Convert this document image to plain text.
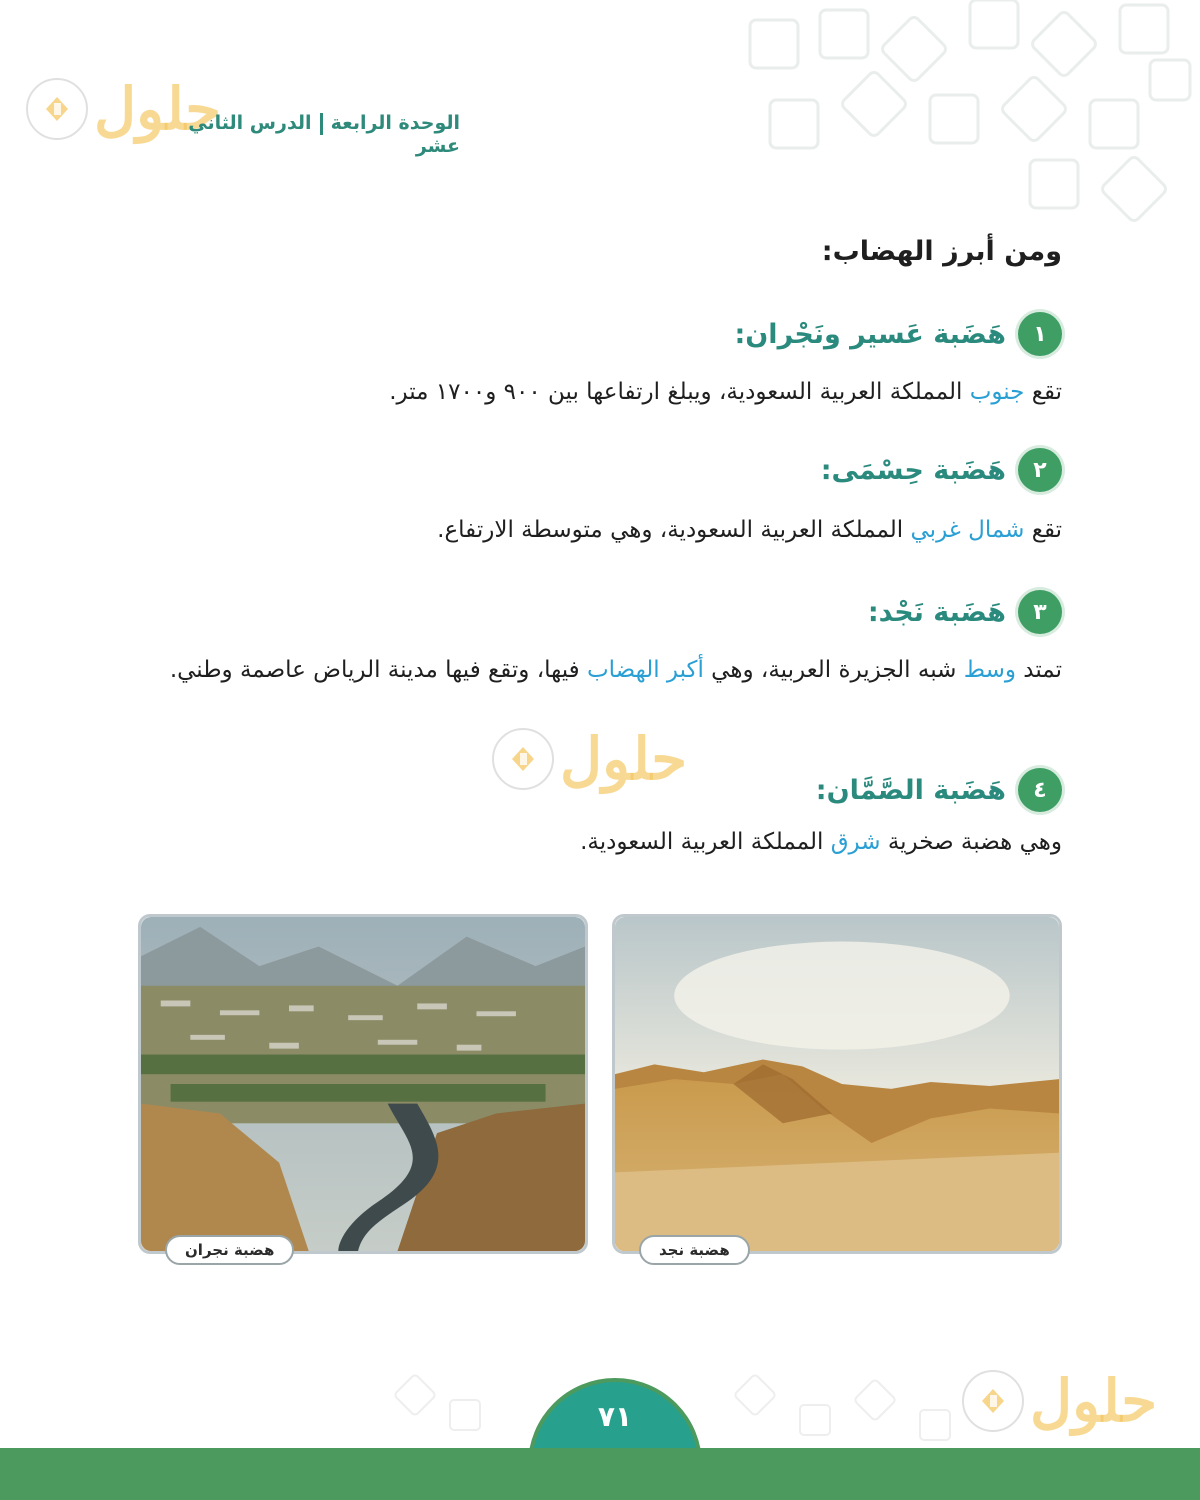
حلول
حلول
الوحدة الرابعةالدرس الثاني عشر
ومن أبرز الهضاب:
١
هَضَبة عَسير ونَجْران:
تقع جنوب المملكة العربية السعودية، ويبلغ ارتفاعها بين ٩٠٠ و١٧٠٠ متر.
٢
هَضَبة حِسْمَى:
تقع شمال غربي المملكة العربية السعودية، وهي متوسطة الارتفاع.
٣
هَضَبة نَجْد:
تمتد وسط شبه الجزيرة العربية، وهي أكبر الهضاب فيها، وتقع فيها مدينة الرياض عاصمة وطني.
٤
هَضَبة الصَّمَّان:
وهي هضبة صخرية شرق المملكة العربية السعودية.
هضبة نجد
هضبة نجران
حلول
٧١
